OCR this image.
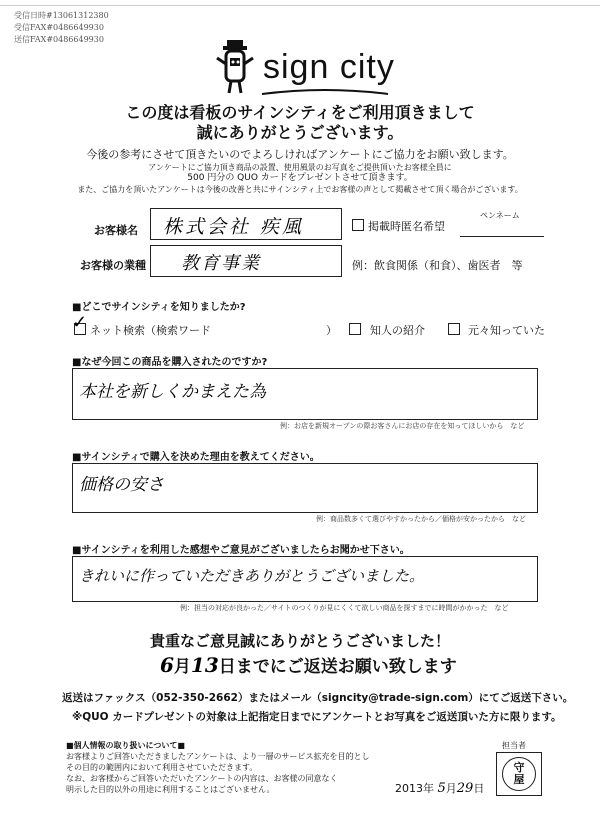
受信日時#13061312380
受信FAX#0486649930
送信FAX#0486649930
sign city
この度は看板のサインシティをご利用頂きまして
誠にありがとうございます。
今後の参考にさせて頂きたいのでよろしければアンケートにご協力をお願い致します。
アンケートにご協力頂き商品の設置、使用風景のお写真をご提供頂いたお客様全員に
500 円分の QUO カードをプレゼントさせて頂きます。
また、ご協力を頂いたアンケートは今後の改善と共にサインシティ上でお客様の声として掲載させて頂く場合がございます。
お客様名 株式会社 疾風	掲載時匿名希望
ペンネーム
お客様の業種 教育事業	例：飲食関係（和食）、歯医者　等
■どこでサインシティを知りましたか?
✓ ネット検索（検索ワード	）	知人の紹介	元々知っていた
■なぜ今回この商品を購入されたのですか?
本社を新しくかまえた為
例：お店を新規オープンの際お客さんにお店の存在を知ってほしいから　など
■サインシティで購入を決めた理由を教えてください。
価格の安さ
例：商品数多くて選びやすかったから／価格が安かったから　など
■サインシティを利用した感想やご意見がございましたらお聞かせ下さい。
きれいに作っていただきありがとうございました。
例：担当の対応が良かった／サイトのつくりが見にくくて欲しい商品を探すまでに時間がかかった　など
貴重なご意見誠にありがとうございました！
6月13日までにご返送お願い致します
返送はファックス（052-350-2662）またはメール（signcity@trade-sign.com）にてご返送下さい。
※QUO カードプレゼントの対象は上記指定日までにアンケートとお写真をご返送頂いた方に限ります。
■個人情報の取り扱いについて■
お客様よりご回答いただきましたアンケートは、より一層のサービス拡充を目的とし
その目的の範囲内において利用させていただきます。
なお、お客様からご回答いただいたアンケートの内容は、お客様の同意なく
明示した目的以外の用途に利用することはございません。	2013年 5月29日
担当者
守屋
